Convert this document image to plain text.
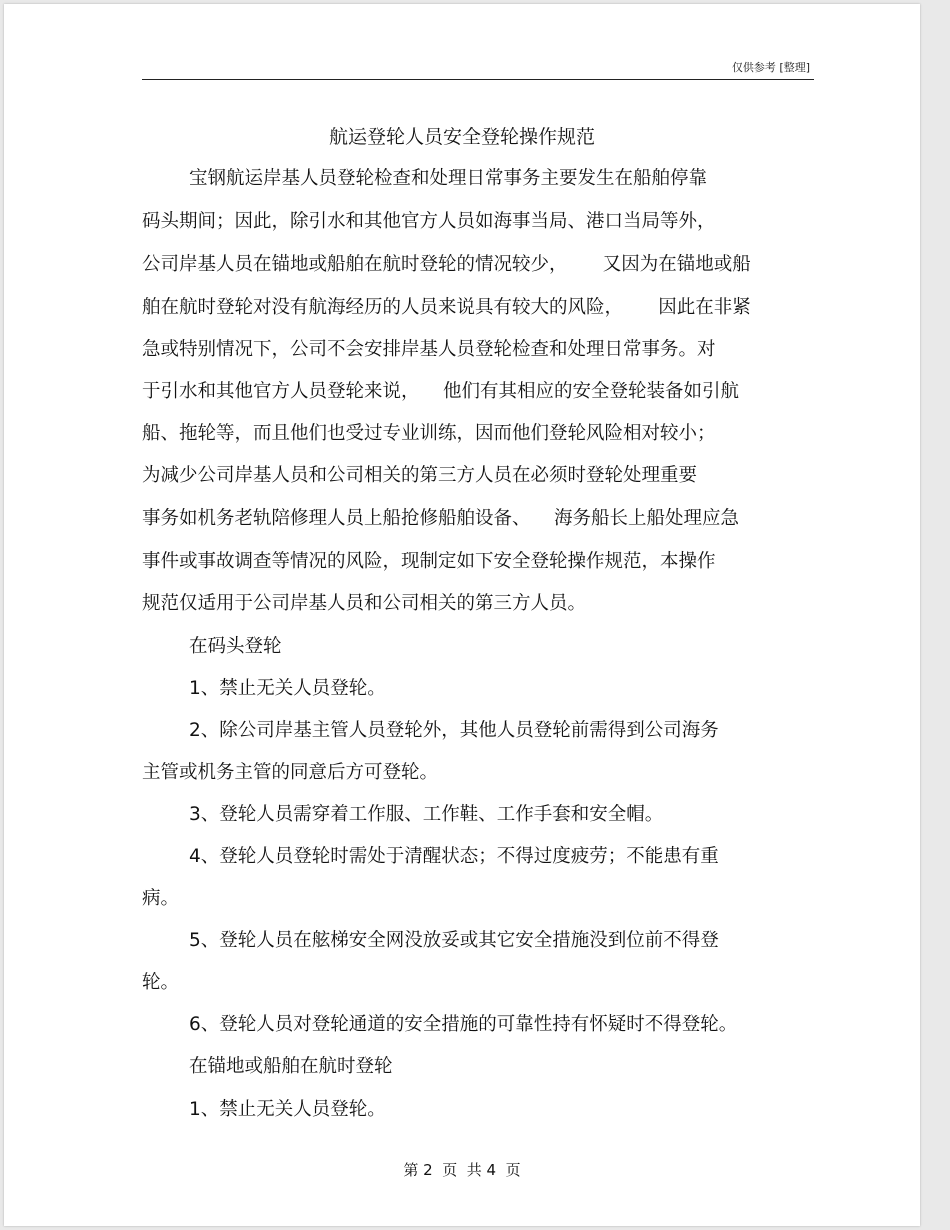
仅供参考 [整理]
航运登轮人员安全登轮操作规范
宝钢航运岸基人员登轮检查和处理日常事务主要发生在船舶停靠
码头期间；因此，除引水和其他官方人员如海事当局、港口当局等外，
公司岸基人员在锚地或船舶在航时登轮的情况较少，      又因为在锚地或船
舶在航时登轮对没有航海经历的人员来说具有较大的风险，      因此在非紧
急或特别情况下，公司不会安排岸基人员登轮检查和处理日常事务。对
于引水和其他官方人员登轮来说，    他们有其相应的安全登轮装备如引航
船、拖轮等，而且他们也受过专业训练，因而他们登轮风险相对较小；
为减少公司岸基人员和公司相关的第三方人员在必须时登轮处理重要
事务如机务老轨陪修理人员上船抢修船舶设备、    海务船长上船处理应急
事件或事故调查等情况的风险，现制定如下安全登轮操作规范，本操作
规范仅适用于公司岸基人员和公司相关的第三方人员。
在码头登轮
1、禁止无关人员登轮。
2、除公司岸基主管人员登轮外，其他人员登轮前需得到公司海务
主管或机务主管的同意后方可登轮。
3、登轮人员需穿着工作服、工作鞋、工作手套和安全帽。
4、登轮人员登轮时需处于清醒状态；不得过度疲劳；不能患有重
病。
5、登轮人员在舷梯安全网没放妥或其它安全措施没到位前不得登
轮。
6、登轮人员对登轮通道的安全措施的可靠性持有怀疑时不得登轮。
在锚地或船舶在航时登轮
1、禁止无关人员登轮。
第 2  页  共 4  页
